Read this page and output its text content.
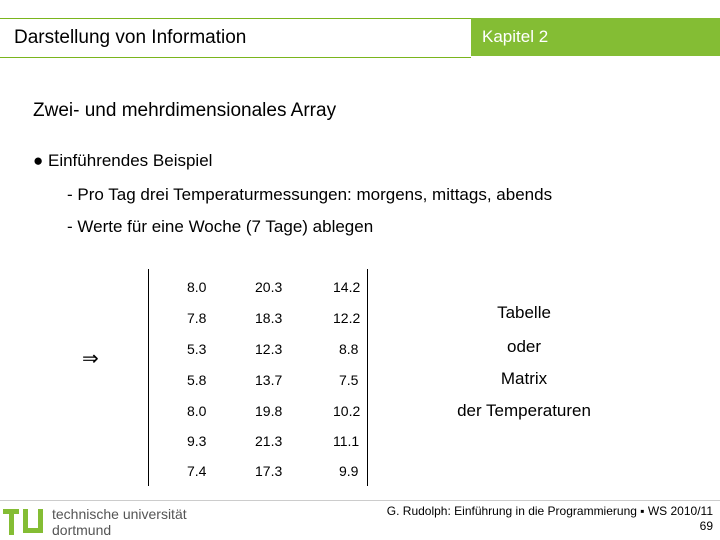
Darstellung von Information	Kapitel 2
Zwei- und mehrdimensionales Array
● Einführendes Beispiel
- Pro Tag drei Temperaturmessungen: morgens, mittags, abends
- Werte für eine Woche (7 Tage) ablegen
⇒
8.0	20.3	14.2
7.8	18.3	12.2
5.3	12.3	8.8
5.8	13.7	7.5
8.0	19.8	10.2
9.3	21.3	11.1
7.4	17.3	9.9
Tabelle
oder
Matrix
der Temperaturen
technische universität
dortmund
G. Rudolph: Einführung in die Programmierung ▪ WS 2010/11
69
